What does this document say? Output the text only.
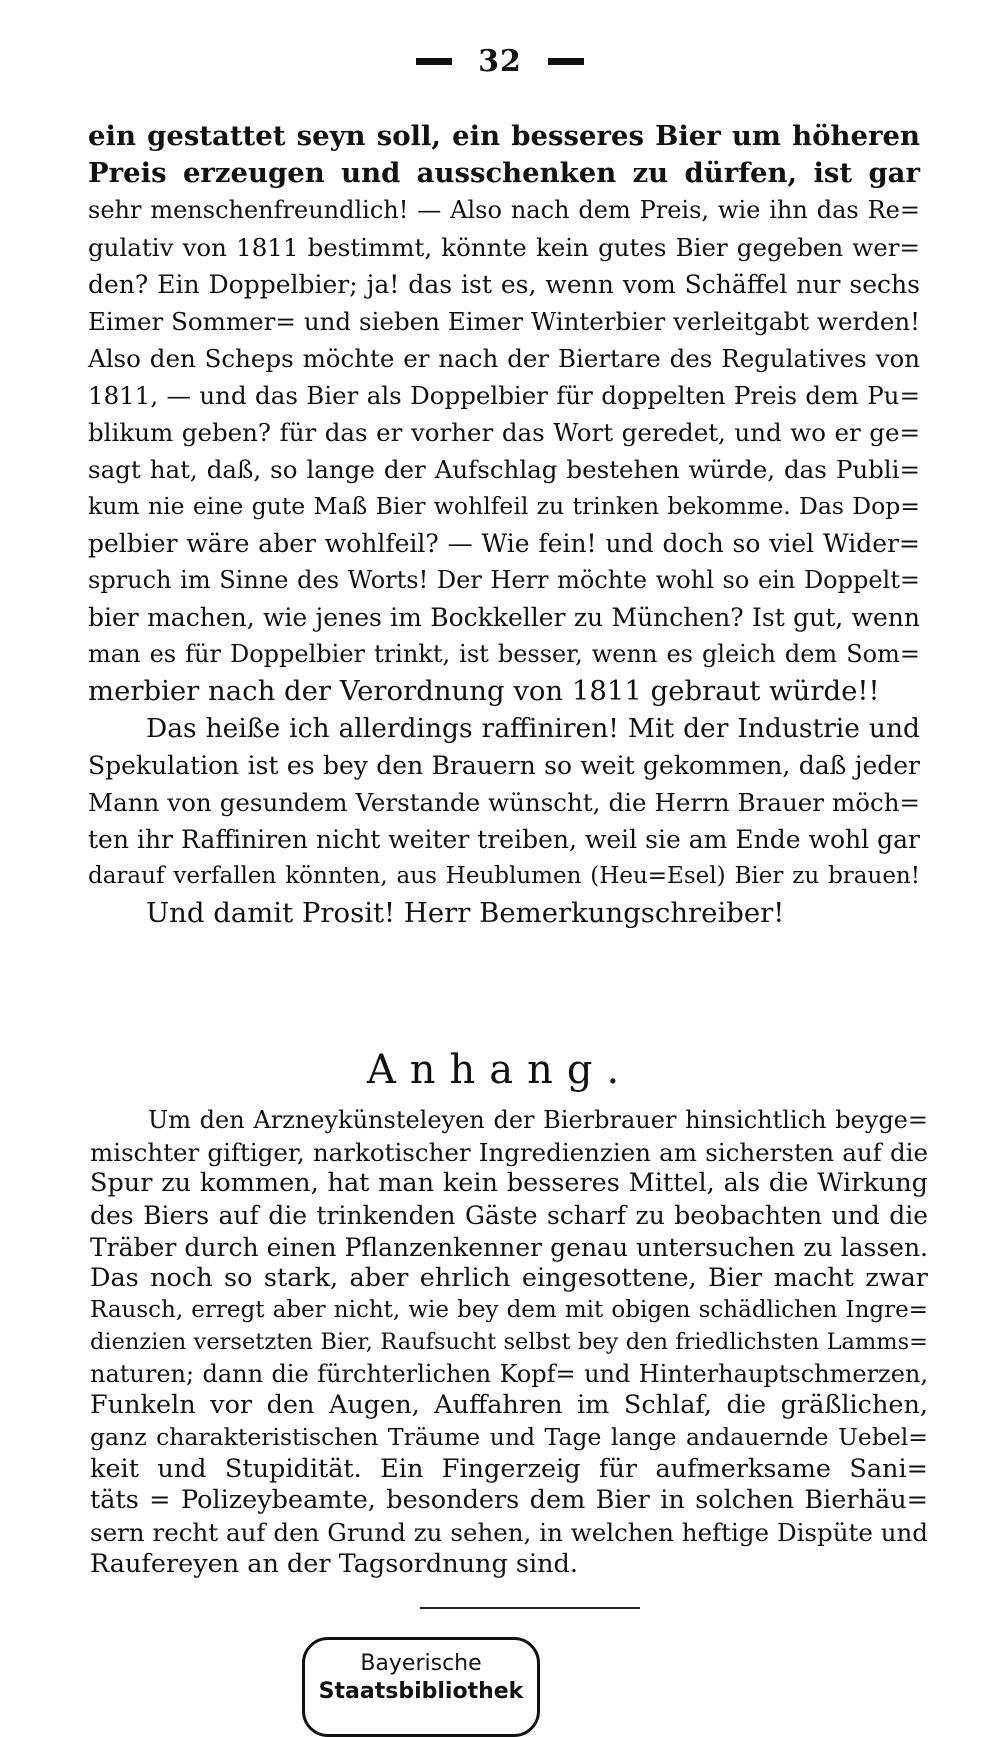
32
ein gestattet seyn soll, ein besseres Bier um höheren
Preis erzeugen und ausschenken zu dürfen, ist gar
sehr menschenfreundlich! — Also nach dem Preis, wie ihn das Re=
gulativ von 1811 bestimmt, könnte kein gutes Bier gegeben wer=
den? Ein Doppelbier; ja! das ist es, wenn vom Schäffel nur sechs
Eimer Sommer= und sieben Eimer Winterbier verleitgabt werden!
Also den Scheps möchte er nach der Biertare des Regulatives von
1811, — und das Bier als Doppelbier für doppelten Preis dem Pu=
blikum geben? für das er vorher das Wort geredet, und wo er ge=
sagt hat, daß, so lange der Aufschlag bestehen würde, das Publi=
kum nie eine gute Maß Bier wohlfeil zu trinken bekomme. Das Dop=
pelbier wäre aber wohlfeil? — Wie fein! und doch so viel Wider=
spruch im Sinne des Worts! Der Herr möchte wohl so ein Doppelt=
bier machen, wie jenes im Bockkeller zu München? Ist gut, wenn
man es für Doppelbier trinkt, ist besser, wenn es gleich dem Som=
merbier nach der Verordnung von 1811 gebraut würde!!
Das heiße ich allerdings raffiniren! Mit der Industrie und
Spekulation ist es bey den Brauern so weit gekommen, daß jeder
Mann von gesundem Verstande wünscht, die Herrn Brauer möch=
ten ihr Raffiniren nicht weiter treiben, weil sie am Ende wohl gar
darauf verfallen könnten, aus Heublumen (Heu=Esel) Bier zu brauen!
Und damit Prosit! Herr Bemerkungschreiber!
Anhang.
Um den Arzneykünsteleyen der Bierbrauer hinsichtlich beyge=
mischter giftiger, narkotischer Ingredienzien am sichersten auf die
Spur zu kommen, hat man kein besseres Mittel, als die Wirkung
des Biers auf die trinkenden Gäste scharf zu beobachten und die
Träber durch einen Pflanzenkenner genau untersuchen zu lassen.
Das noch so stark, aber ehrlich eingesottene, Bier macht zwar
Rausch, erregt aber nicht, wie bey dem mit obigen schädlichen Ingre=
dienzien versetzten Bier, Raufsucht selbst bey den friedlichsten Lamms=
naturen; dann die fürchterlichen Kopf= und Hinterhauptschmerzen,
Funkeln vor den Augen, Auffahren im Schlaf, die gräßlichen,
ganz charakteristischen Träume und Tage lange andauernde Uebel=
keit und Stupidität. Ein Fingerzeig für aufmerksame Sani=
täts = Polizeybeamte, besonders dem Bier in solchen Bierhäu=
sern recht auf den Grund zu sehen, in welchen heftige Dispüte und
Raufereyen an der Tagsordnung sind.
Bayerische
Staatsbibliothek
